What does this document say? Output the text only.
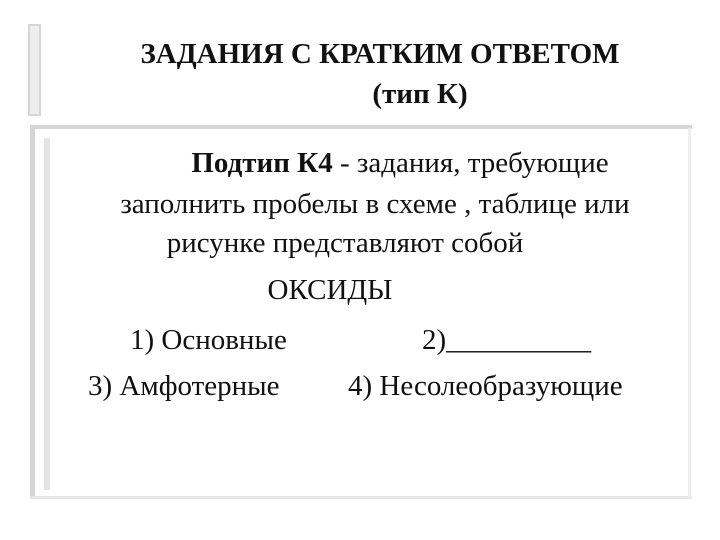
ЗАДАНИЯ С КРАТКИМ ОТВЕТОМ
(тип К)
Подтип К4 - задания, требующие
заполнить пробелы в схеме , таблице или
рисунке представляют собой
ОКСИДЫ
1) Основные	2)__________
3) Амфотерные 4) Несолеобразующие
